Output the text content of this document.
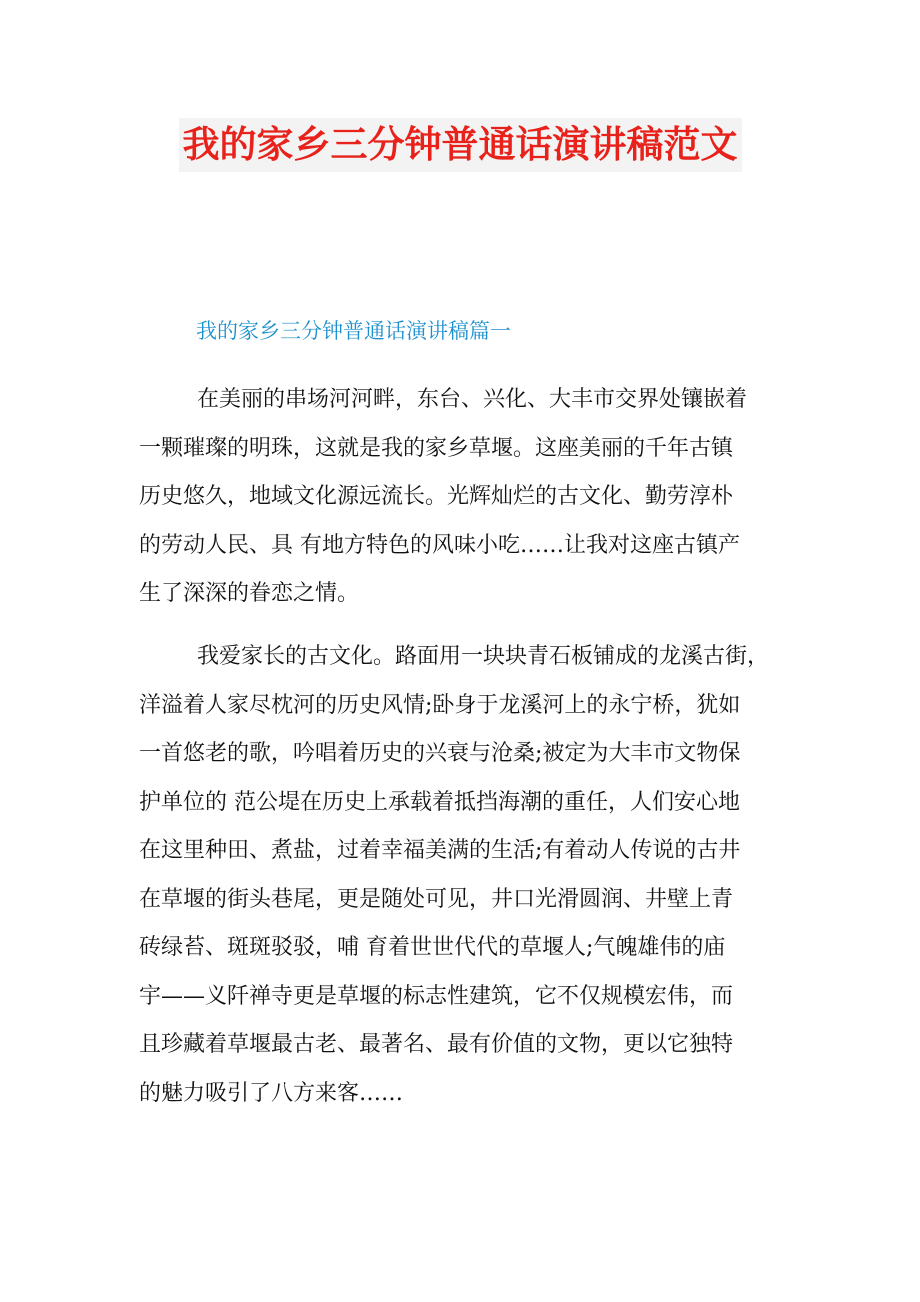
我的家乡三分钟普通话演讲稿范文
我的家乡三分钟普通话演讲稿篇一

在美丽的串场河河畔，东台、兴化、大丰市交界处镶嵌着
一颗璀璨的明珠，这就是我的家乡草堰。这座美丽的千年古镇
历史悠久，地域文化源远流长。光辉灿烂的古文化、勤劳淳朴
的劳动人民、具 有地方特色的风味小吃……让我对这座古镇产
生了深深的眷恋之情。

我爱家长的古文化。路面用一块块青石板铺成的龙溪古街，
洋溢着人家尽枕河的历史风情;卧身于龙溪河上的永宁桥，犹如
一首悠老的歌，吟唱着历史的兴衰与沧桑;被定为大丰市文物保
护单位的 范公堤在历史上承载着抵挡海潮的重任，人们安心地
在这里种田、煮盐，过着幸福美满的生活;有着动人传说的古井
在草堰的街头巷尾，更是随处可见，井口光滑圆润、井壁上青
砖绿苔、斑斑驳驳，哺 育着世世代代的草堰人;气魄雄伟的庙
宇——义阡禅寺更是草堰的标志性建筑，它不仅规模宏伟，而
且珍藏着草堰最古老、最著名、最有价值的文物，更以它独特
的魅力吸引了八方来客……
